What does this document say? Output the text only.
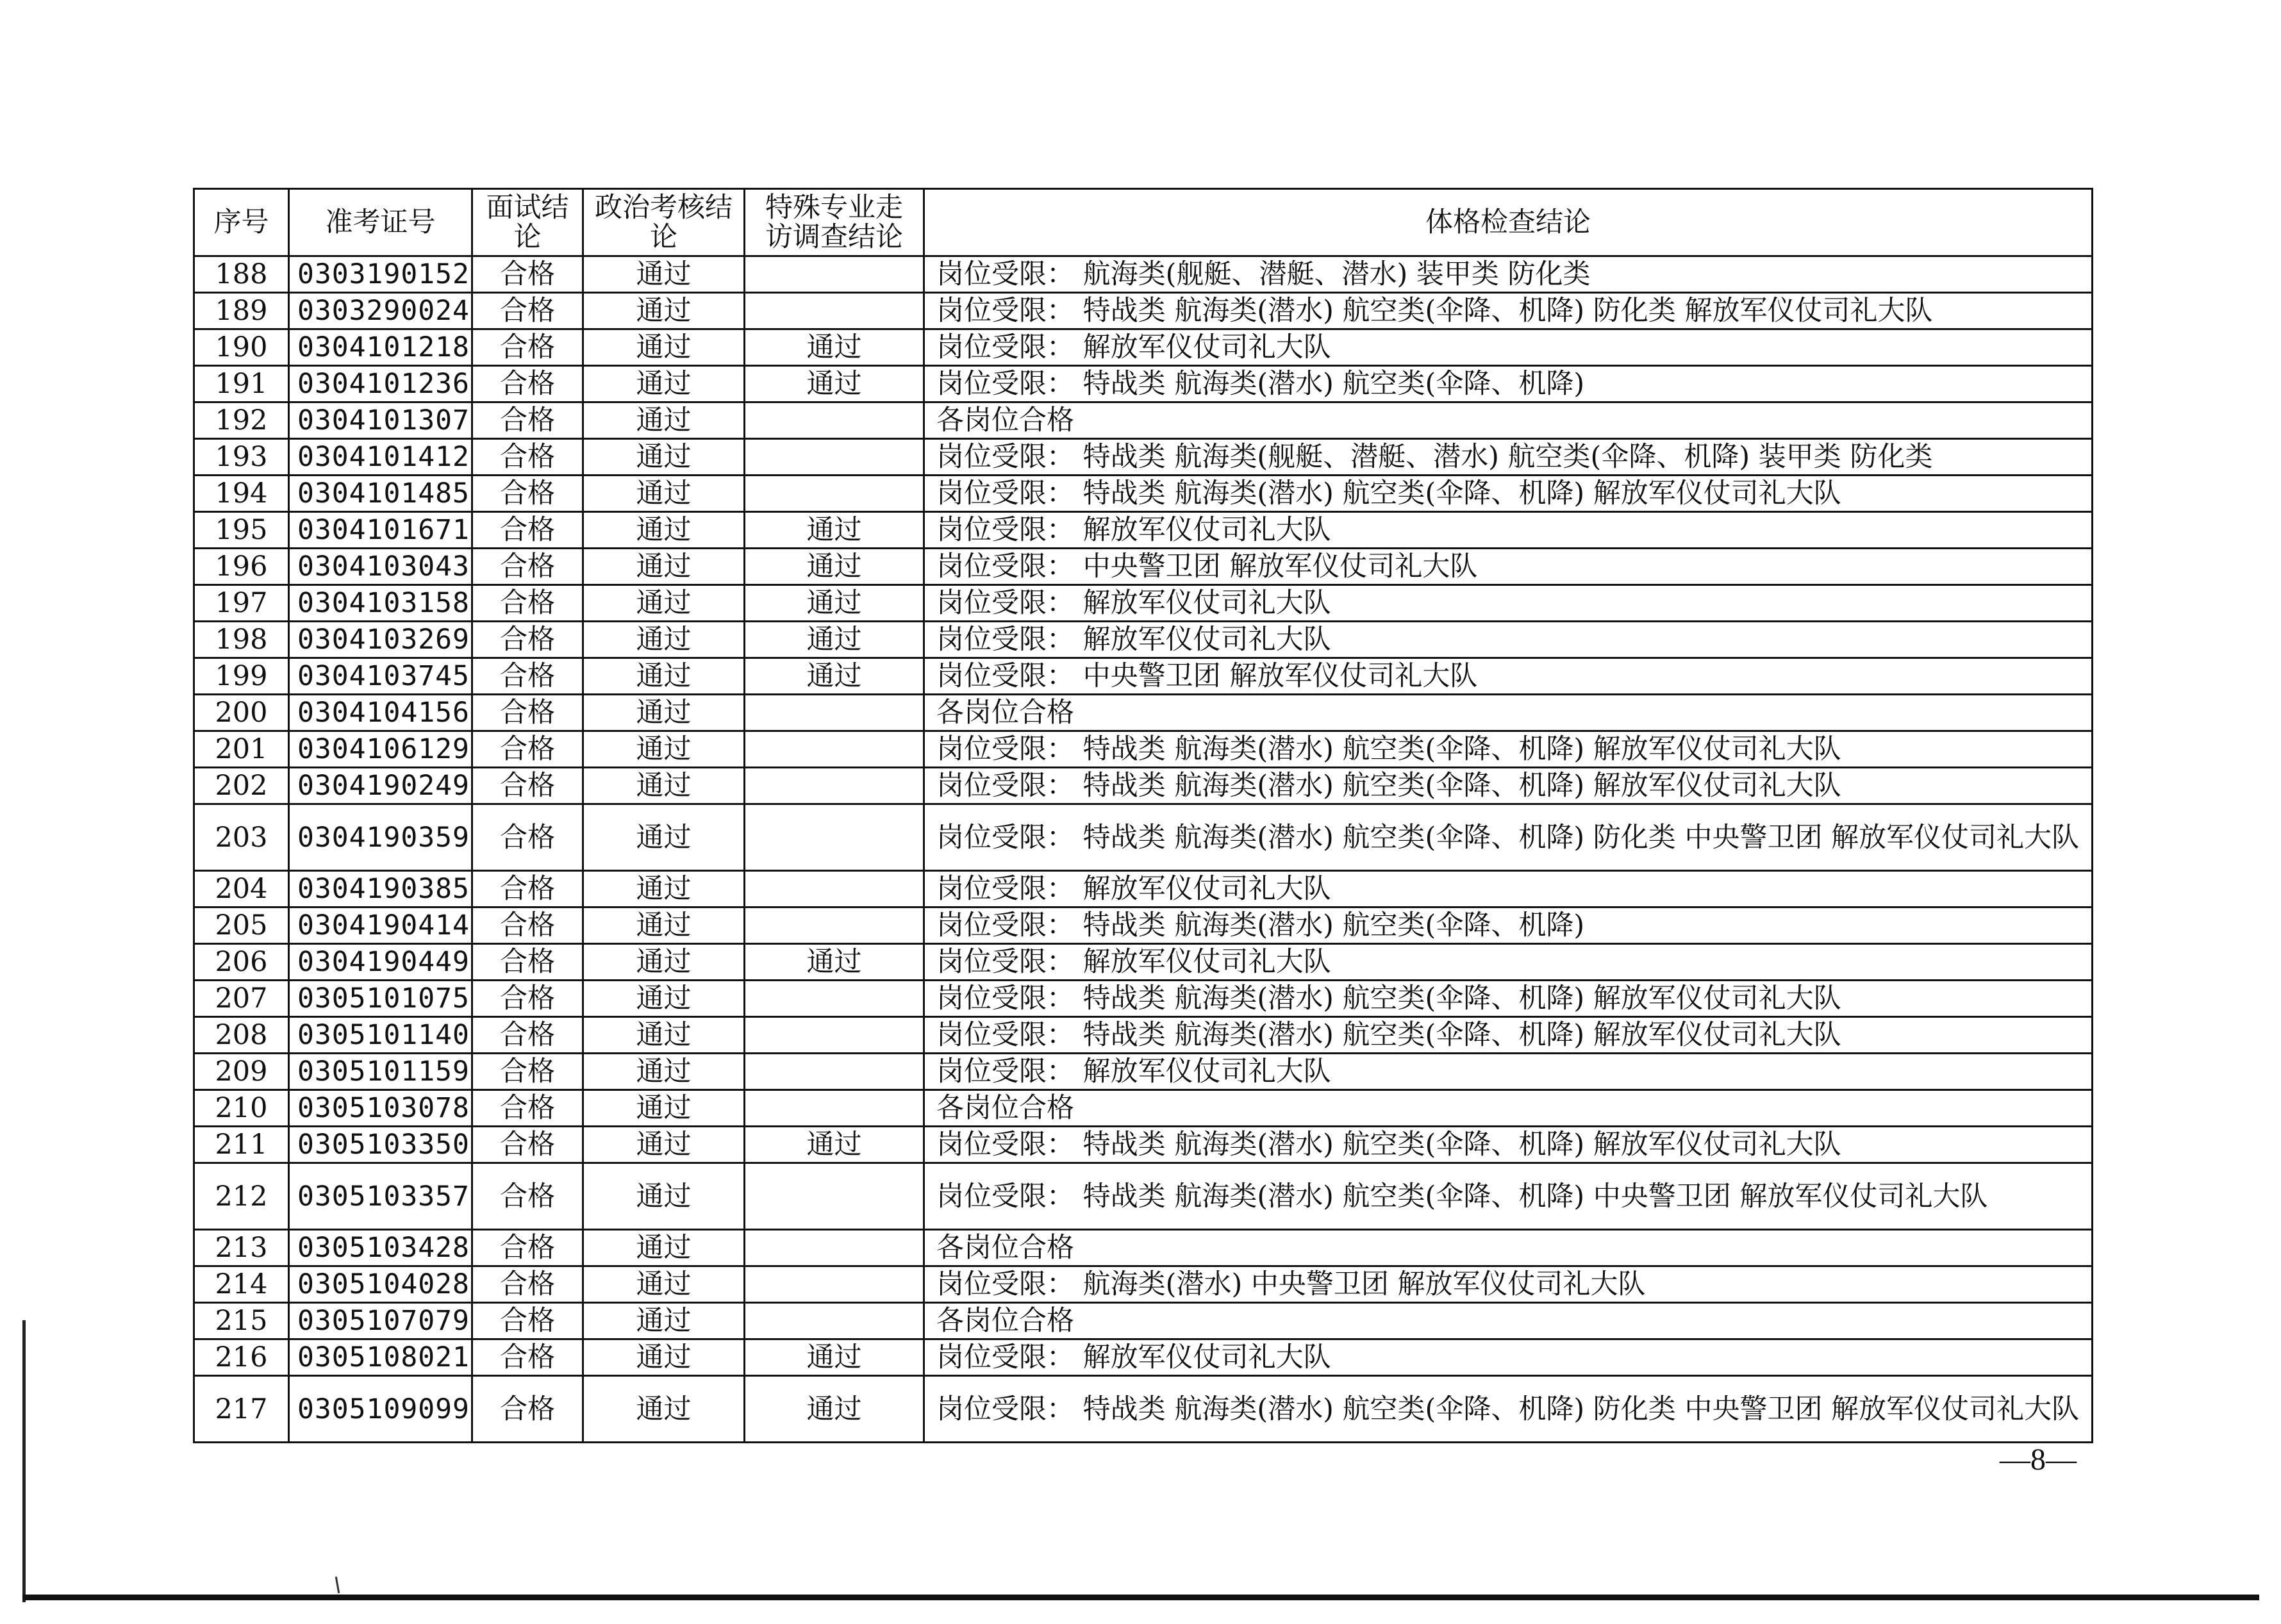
序号	准考证号	面试结论	政治考核结论	特殊专业走访调查结论	体格检查结论
188	0303190152	合格	通过		岗位受限： 航海类(舰艇、潜艇、潜水) 装甲类 防化类
189	0303290024	合格	通过		岗位受限： 特战类 航海类(潜水) 航空类(伞降、机降) 防化类 解放军仪仗司礼大队
190	0304101218	合格	通过	通过	岗位受限： 解放军仪仗司礼大队
191	0304101236	合格	通过	通过	岗位受限： 特战类 航海类(潜水) 航空类(伞降、机降)
192	0304101307	合格	通过		各岗位合格
193	0304101412	合格	通过		岗位受限： 特战类 航海类(舰艇、潜艇、潜水) 航空类(伞降、机降) 装甲类 防化类
194	0304101485	合格	通过		岗位受限： 特战类 航海类(潜水) 航空类(伞降、机降) 解放军仪仗司礼大队
195	0304101671	合格	通过	通过	岗位受限： 解放军仪仗司礼大队
196	0304103043	合格	通过	通过	岗位受限： 中央警卫团 解放军仪仗司礼大队
197	0304103158	合格	通过	通过	岗位受限： 解放军仪仗司礼大队
198	0304103269	合格	通过	通过	岗位受限： 解放军仪仗司礼大队
199	0304103745	合格	通过	通过	岗位受限： 中央警卫团 解放军仪仗司礼大队
200	0304104156	合格	通过		各岗位合格
201	0304106129	合格	通过		岗位受限： 特战类 航海类(潜水) 航空类(伞降、机降) 解放军仪仗司礼大队
202	0304190249	合格	通过		岗位受限： 特战类 航海类(潜水) 航空类(伞降、机降) 解放军仪仗司礼大队
203	0304190359	合格	通过		岗位受限： 特战类 航海类(潜水) 航空类(伞降、机降) 防化类 中央警卫团 解放军仪仗司礼大队
204	0304190385	合格	通过		岗位受限： 解放军仪仗司礼大队
205	0304190414	合格	通过		岗位受限： 特战类 航海类(潜水) 航空类(伞降、机降)
206	0304190449	合格	通过	通过	岗位受限： 解放军仪仗司礼大队
207	0305101075	合格	通过		岗位受限： 特战类 航海类(潜水) 航空类(伞降、机降) 解放军仪仗司礼大队
208	0305101140	合格	通过		岗位受限： 特战类 航海类(潜水) 航空类(伞降、机降) 解放军仪仗司礼大队
209	0305101159	合格	通过		岗位受限： 解放军仪仗司礼大队
210	0305103078	合格	通过		各岗位合格
211	0305103350	合格	通过	通过	岗位受限： 特战类 航海类(潜水) 航空类(伞降、机降) 解放军仪仗司礼大队
212	0305103357	合格	通过		岗位受限： 特战类 航海类(潜水) 航空类(伞降、机降) 中央警卫团 解放军仪仗司礼大队
213	0305103428	合格	通过		各岗位合格
214	0305104028	合格	通过		岗位受限： 航海类(潜水) 中央警卫团 解放军仪仗司礼大队
215	0305107079	合格	通过		各岗位合格
216	0305108021	合格	通过	通过	岗位受限： 解放军仪仗司礼大队
217	0305109099	合格	通过	通过	岗位受限： 特战类 航海类(潜水) 航空类(伞降、机降) 防化类 中央警卫团 解放军仪仗司礼大队
—8—
